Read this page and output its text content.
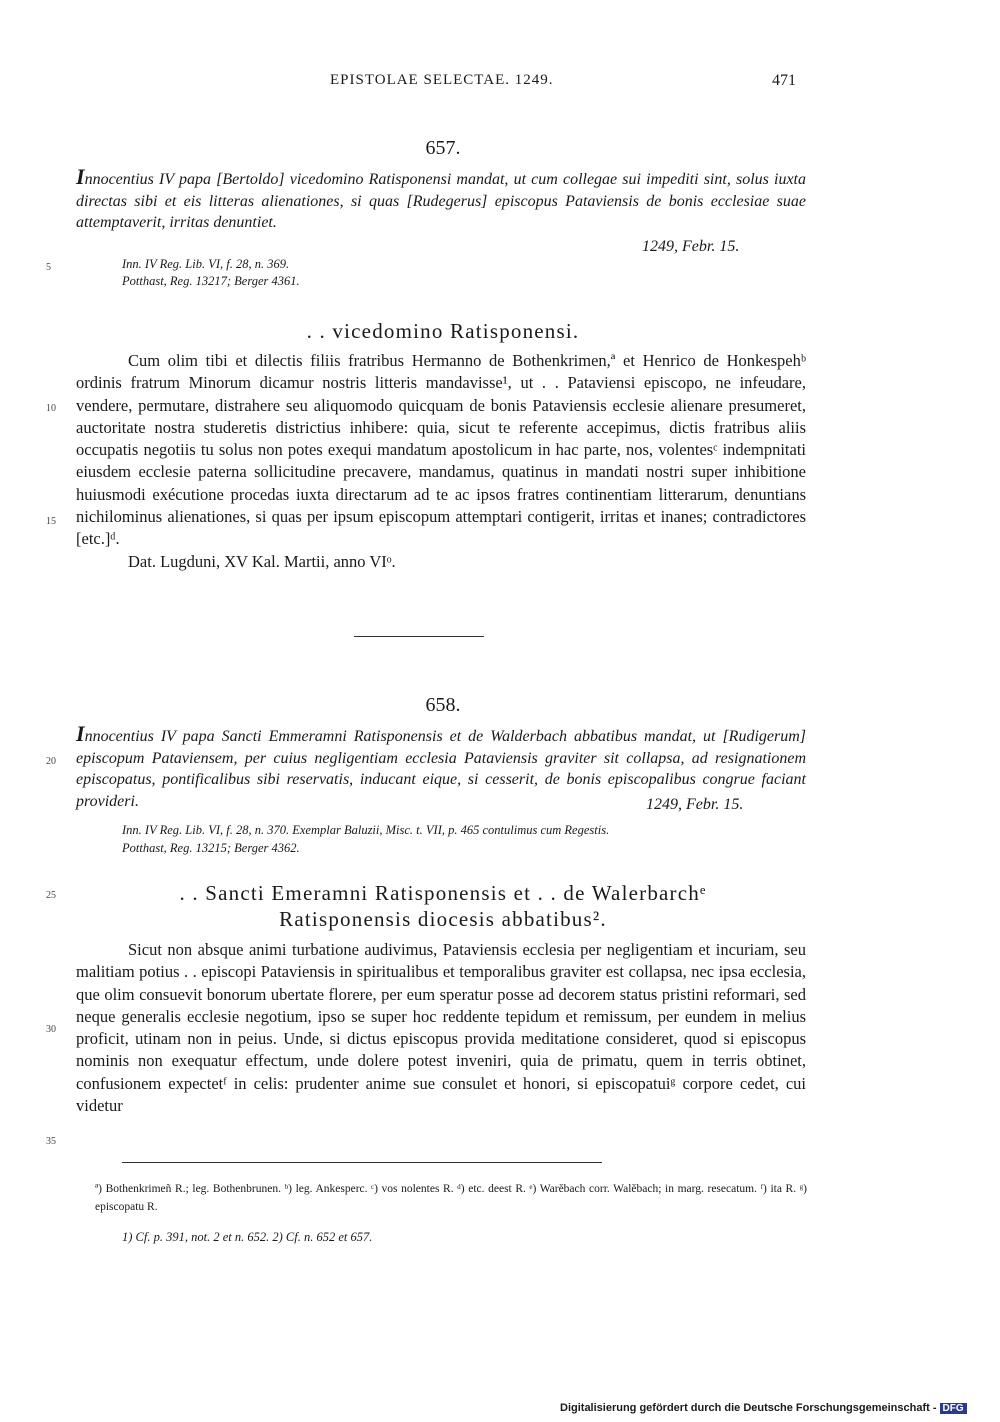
EPISTOLAE SELECTAE. 1249.	471
657.
Innocentius IV papa [Bertoldo] vicedomino Ratisponensi mandat, ut cum collegae sui impediti sint, solus iuxta directas sibi et eis litteras alienationes, si quas [Rudegerus] episcopus Pataviensis de bonis ecclesiae suae attemptaverit, irritas denuntiet.
1249, Febr. 15.
Inn. IV Reg. Lib. VI, f. 28, n. 369.
Potthast, Reg. 13217; Berger 4361.
. . vicedomino Ratisponensi.

Cum olim tibi et dilectis filiis fratribus Hermanno de Bothenkrimen,ª et Henrico de Honkespehᵇ ordinis fratrum Minorum dicamur nostris litteris mandavisse¹, ut . . Pataviensi episcopo, ne infeudare, vendere, permutare, distrahere seu aliquomodo quicquam de bonis Pataviensis ecclesie alienare presumeret, auctoritate nostra studeretis districtius inhibere: quia, sicut te referente accepimus, dictis fratribus aliis occupatis negotiis tu solus non potes exequi mandatum apostolicum in hac parte, nos, volentesᶜ indempnitati eiusdem ecclesie paterna sollicitudine precavere, mandamus, quatinus in mandati nostri super inhibitione huiusmodi exécutione procedas iuxta directarum ad te ac ipsos fratres continentiam litterarum, denuntians nichilominus alienationes, si quas per ipsum episcopum attemptari contigerit, irritas et inanes; contradictores [etc.]ᵈ.

Dat. Lugduni, XV Kal. Martii, anno VIᵒ.

658.
Innocentius IV papa Sancti Emmeramni Ratisponensis et de Walderbach abbatibus mandat, ut [Rudigerum] episcopum Pataviensem, per cuius negligentiam ecclesia Pataviensis graviter sit collapsa, ad resignationem episcopatus, pontificalibus sibi reservatis, inducant eique, si cesserit, de bonis episcopalibus congrue faciant provideri.	1249, Febr. 15.
Inn. IV Reg. Lib. VI, f. 28, n. 370. Exemplar Baluzii, Misc. t. VII, p. 465 contulimus cum Regestis.
Potthast, Reg. 13215; Berger 4362.
. . Sancti Emeramni Ratisponensis et . . de Walerbarchᵉ
Ratisponensis diocesis abbatibus².

Sicut non absque animi turbatione audivimus, Pataviensis ecclesia per negligentiam et incuriam, seu malitiam potius . . episcopi Pataviensis in spiritualibus et temporalibus graviter est collapsa, nec ipsa ecclesia, que olim consuevit bonorum ubertate florere, per eum speratur posse ad decorem status pristini reformari, sed neque generalis ecclesie negotium, ipso se super hoc reddente tepidum et remissum, per eundem in melius proficit, utinam non in peius. Unde, si dictus episcopus provida meditatione consideret, quod si episcopus nominis non exequatur effectum, unde dolere potest inveniri, quia de primatu, quem in terris obtinet, confusionem expectetᶠ in celis: prudenter anime sue consulet et honori, si episcopatuiᵍ corpore cedet, cui videtur

5
10
15
20
25
30
35
ª) Bothenkrimeñ R.; leg. Bothenbrunen. ᵇ) leg. Ankesperc. ᶜ) vos nolentes R. ᵈ) etc. deest R. ᵉ) Warĕbach corr. Walĕbach; in marg. resecatum. ᶠ) ita R. ᵍ) episcopatu R.
1) Cf. p. 391, not. 2 et n. 652. 2) Cf. n. 652 et 657.
Digitalisierung gefördert durch die Deutsche Forschungsgemeinschaft - DFG
